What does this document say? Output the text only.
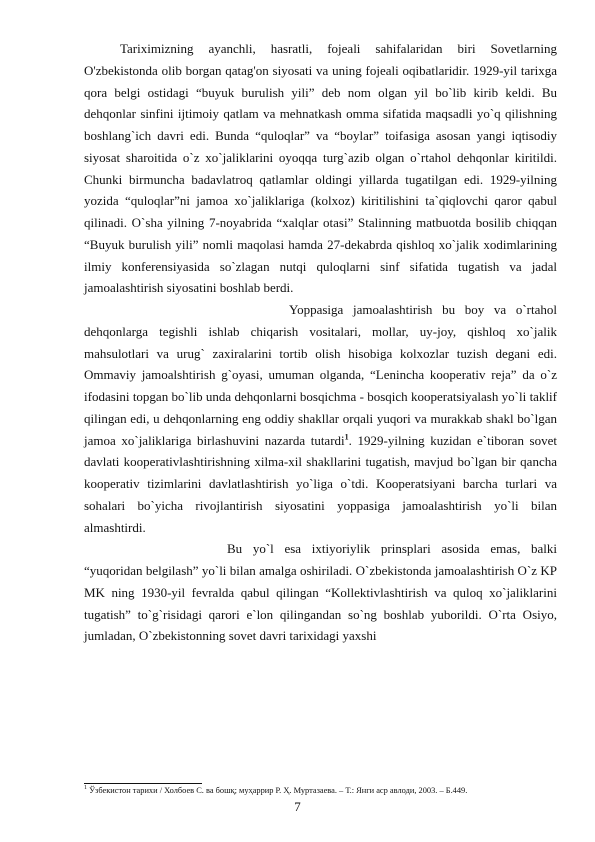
Tariximizning ayanchli, hasratli, fojeali sahifalaridan biri Sovetlarning O'zbekistonda olib borgan qatag'on siyosati va uning fojeali oqibatlaridir. 1929-yil tarixga qora belgi ostidagi “buyuk burulish yili” deb nom olgan yil bo`lib kirib keldi. Bu dehqonlar sinfini ijtimoiy qatlam va mehnatkash omma sifatida maqsadli yo`q qilishning boshlang`ich davri edi. Bunda “quloqlar” va “boylar” toifasiga asosan yangi iqtisodiy siyosat sharoitida o`z xo`jaliklarini oyoqqa turg`azib olgan o`rtahol dehqonlar kiritildi. Chunki birmuncha badavlatroq qatlamlar oldingi yillarda tugatilgan edi. 1929-yilning yozida “quloqlar”ni jamoa xo`jaliklariga (kolxoz) kiritilishini ta`qiqlovchi qaror qabul qilinadi. O`sha yilning 7-noyabrida “xalqlar otasi” Stalinning matbuotda bosilib chiqqan “Buyuk burulish yili” nomli maqolasi hamda 27-dekabrda qishloq xo`jalik xodimlarining ilmiy konferensiyasida so`zlagan nutqi quloqlarni sinf sifatida tugatish va jadal jamoalashtirish siyosatini boshlab berdi.

Yoppasiga jamoalashtirish bu boy va o`rtahol dehqonlarga tegishli ishlab chiqarish vositalari, mollar, uy-joy, qishloq xo`jalik mahsulotlari va urug` zaxiralarini tortib olish hisobiga kolxozlar tuzish degani edi. Ommaviy jamoalshtirish g`oyasi, umuman olganda, “Lenincha kooperativ reja” da o`z ifodasini topgan bo`lib unda dehqonlarni bosqichma - bosqich kooperatsiyalash yo`li taklif qilingan edi, u dehqonlarning eng oddiy shakllar orqali yuqori va murakkab shakl bo`lgan jamoa xo`jaliklariga birlashuvini nazarda tutardi$^1$. 1929-yilning kuzidan e`tiboran sovet davlati kooperativlashtirishning xilma-xil shakllarini tugatish, mavjud bo`lgan bir qancha kooperativ tizimlarini davlatlashtirish yo`liga o`tdi. Kooperatsiyani barcha turlari va sohalari bo`yicha rivojlantirish siyosatini yoppasiga jamoalashtirish yo`li bilan almashtirdi.

Bu yo`l esa ixtiyoriylik prinsplari asosida emas, balki “yuqoridan belgilash” yo`li bilan amalga oshiriladi. O`zbekistonda jamoalashtirish O`z KP MK ning 1930-yil fevralda qabul qilingan “Kollektivlashtirish va quloq xo`jaliklarini tugatish” to`g`risidagi qarori e`lon qilingandan so`ng boshlab yuborildi. O`rta Osiyo, jumladan, O`zbekistonning sovet davri tarixidagi yaxshi

$^1$ Ўзбекистон тарихи / Холбоев С. ва бошқ; муҳаррир Р. Ҳ. Муртазаева. – Т.: Янги аср авлоди, 2003. – Б.449.
7
